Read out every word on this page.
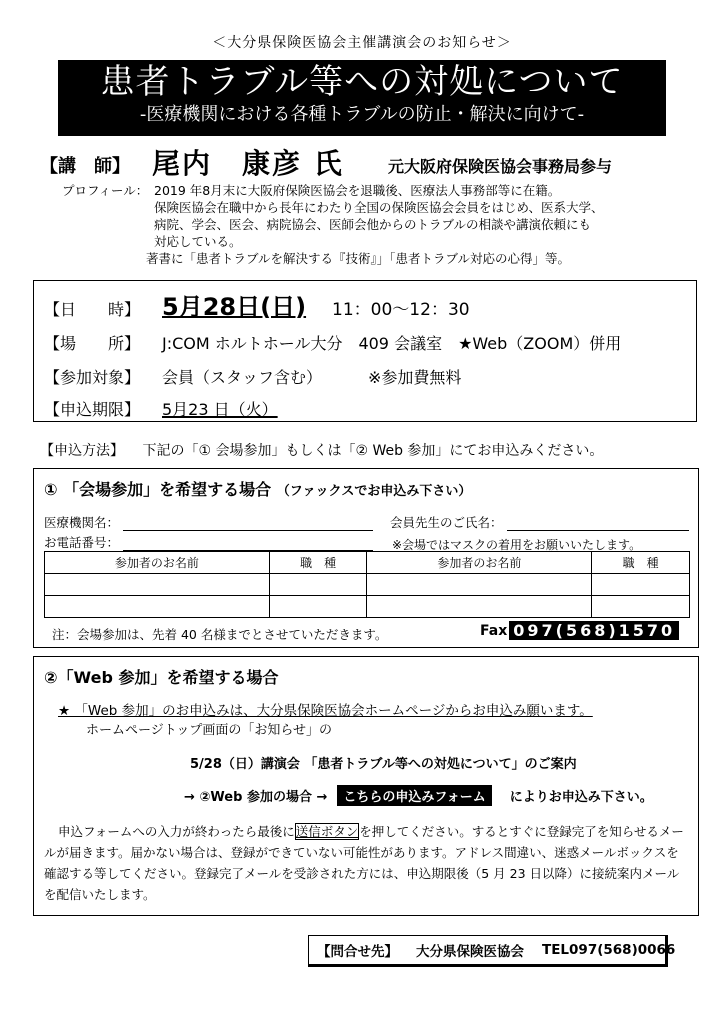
＜大分県保険医協会主催講演会のお知らせ＞
患者トラブル等への対処について
-医療機関における各種トラブルの防止・解決に向けて-
【講　師】 尾内　康彦 氏	元大阪府保険医協会事務局参与
プロフィール： 2019 年8月末に大阪府保険医協会を退職後、医療法人事務部等に在籍。
保険医協会在職中から長年にわたり全国の保険医協会会員をはじめ、医系大学、
病院、学会、医会、病院協会、医師会他からのトラブルの相談や講演依頼にも
対応している。
著書に「患者トラブルを解決する『技術』」「患者トラブル対応の心得」等。
【日　　時】 5月28日(日) 11：00～12：30
【場　　所】	J:COM ホルトホール大分　409 会議室　★Web（ZOOM）併用
【参加対象】	会員（スタッフ含む）	※参加費無料
【申込期限】	5月23 日（火）
【申込方法】 下記の「① 会場参加」もしくは「② Web 参加」にてお申込みください。
① 「会場参加」を希望する場合 （ファックスでお申込み下さい）
医療機関名：	会員先生のご氏名：
お電話番号：
参加者のお名前	職　種	参加者のお名前	職　種

注：会場参加は、先着 40 名様までとさせていただきます。	Fax 097(568)1570
※会場ではマスクの着用をお願いいたします。
②「Web 参加」を希望する場合
★ 「Web 参加」のお申込みは、大分県保険医協会ホームページからお申込み願います。
ホームページトップ画面の「お知らせ」の
5/28（日）講演会 「患者トラブル等への対処について」のご案内
→ ②Web 参加の場合 →	こちらの申込みフォーム	によりお申込み下さい。
申込フォームへの入力が終わったら最後に送信ボタンを押してください。するとすぐに登録完了を知らせるメールが届きます。届かない場合は、登録ができていない可能性があります。アドレス間違い、迷惑メールボックスを確認する等してください。登録完了メールを受診された方には、申込期限後（5 月 23 日以降）に接続案内メールを配信いたします。
【問合せ先】 大分県保険医協会 TEL097(568)0066
